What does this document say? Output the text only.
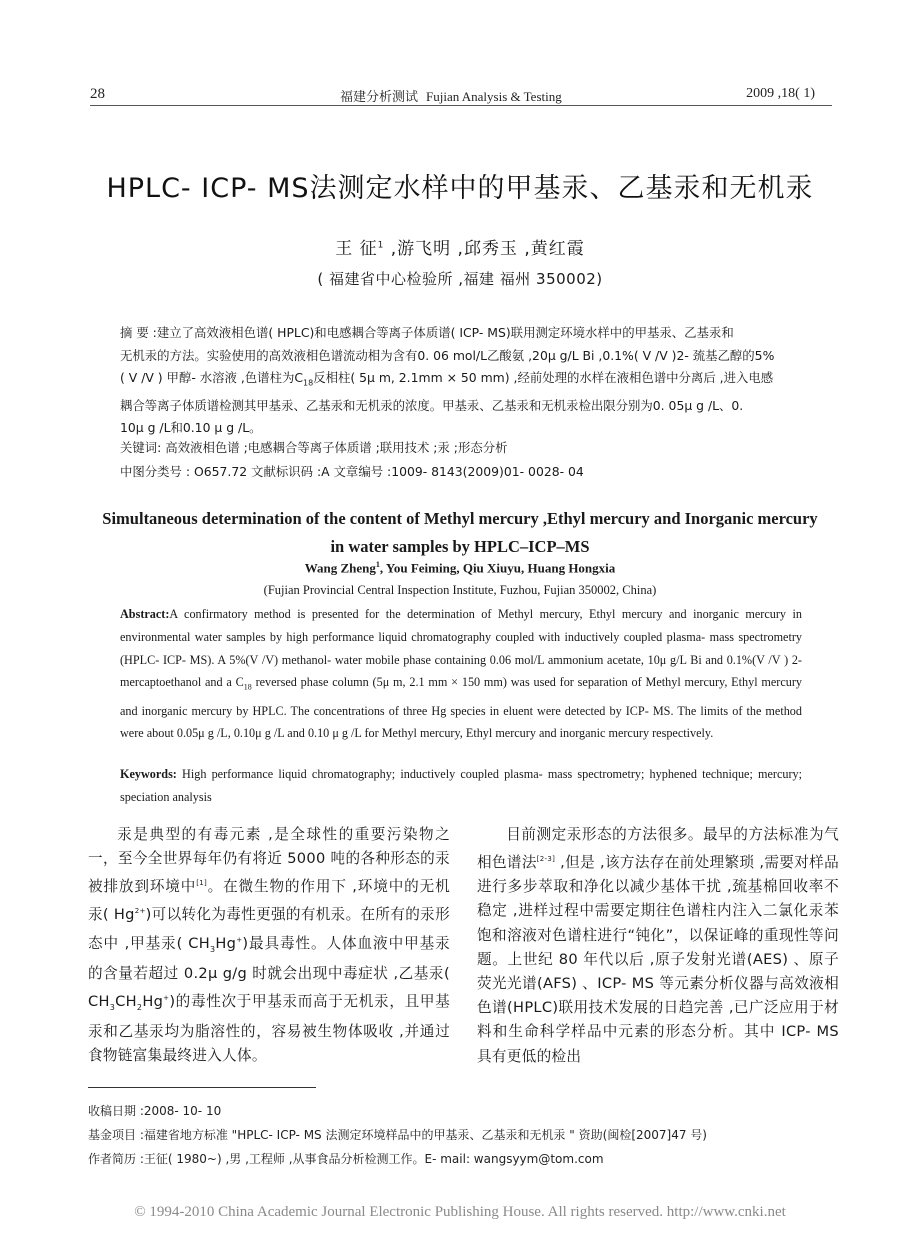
28	福建分析测试 Fujian Analysis & Testing	2009 ,18( 1)
HPLC- ICP- MS法测定水样中的甲基汞、乙基汞和无机汞
王 征$^1$ ,游飞明 ,邱秀玉 ,黄红霞
( 福建省中心检验所 ,福建 福州 350002)
摘 要 :建立了高效液相色谱( HPLC)和电感耦合等离子体质谱( ICP- MS)联用测定环境水样中的甲基汞、乙基汞和
无机汞的方法。实验使用的高效液相色谱流动相为含有0. 06 mol/L乙酸氨 ,20μ g/L Bi ,0.1%( V /V )2- 巯基乙醇的5%
( V /V ) 甲醇- 水溶液 ,色谱柱为$C_{18}$反相柱( 5μ m, 2.1mm × 50 mm) ,经前处理的水样在液相色谱中分离后 ,进入电感
耦合等离子体质谱检测其甲基汞、乙基汞和无机汞的浓度。甲基汞、乙基汞和无机汞检出限分别为0. 05μ g /L、0.
10μ g /L和0.10 μ g /L。
关键词: 高效液相色谱 ;电感耦合等离子体质谱 ;联用技术 ;汞 ;形态分析
中图分类号 : O657.72 文献标识码 :A 文章编号 :1009- 8143(2009)01- 0028- 04
Simultaneous determination of the content of Methyl mercury ,Ethyl mercury and Inorganic mercury in water samples by HPLC–ICP–MS
Wang Zheng$^1$, You Feiming, Qiu Xiuyu, Huang Hongxia
(Fujian Provincial Central Inspection Institute, Fuzhou, Fujian 350002, China)
Abstract:A confirmatory method is presented for the determination of Methyl mercury, Ethyl mercury and inorganic mercury in environmental water samples by high performance liquid chromatography coupled with inductively coupled plasma- mass spectrometry (HPLC- ICP- MS). A 5%(V /V) methanol- water mobile phase containing 0.06 mol/L ammonium acetate, 10μ g/L Bi and 0.1%(V /V ) 2- mercaptoethanol and a $C_{18}$ reversed phase column (5μ m, 2.1 mm × 150 mm) was used for separation of Methyl mercury, Ethyl mercury and inorganic mercury by HPLC. The concentrations of three Hg species in eluent were detected by ICP- MS. The limits of the method were about 0.05μ g /L, 0.10μ g /L and 0.10 μ g /L for Methyl mercury, Ethyl mercury and inorganic mercury respectively.
Keywords: High performance liquid chromatography; inductively coupled plasma- mass spectrometry; hyphened technique; mercury; speciation analysis

汞是典型的有毒元素 ,是全球性的重要污染物之一，至今全世界每年仍有将近 5000 吨的各种形态的汞被排放到环境中[1]。在微生物的作用下 ,环境中的无机汞( $Hg^{2+}$)可以转化为毒性更强的有机汞。在所有的汞形态中 ,甲基汞( $CH_3Hg^+$)最具毒性。人体血液中甲基汞的含量若超过 0.2μ g/g 时就会出现中毒症状 ,乙基汞( $CH_3CH_2Hg^+$)的毒性次于甲基汞而高于无机汞，且甲基汞和乙基汞均为脂溶性的，容易被生物体吸收 ,并通过食物链富集最终进入人体。

目前测定汞形态的方法很多。最早的方法标准为气相色谱法[2-3] ,但是 ,该方法存在前处理繁琐 ,需要对样品进行多步萃取和净化以减少基体干扰 ,巯基棉回收率不稳定 ,进样过程中需要定期往色谱柱内注入二氯化汞苯饱和溶液对色谱柱进行“钝化”，以保证峰的重现性等问题。上世纪 80 年代以后 ,原子发射光谱(AES) 、原子荧光光谱(AFS) 、ICP- MS 等元素分析仪器与高效液相色谱(HPLC)联用技术发展的日趋完善 ,已广泛应用于材料和生命科学样品中元素的形态分析。其中 ICP- MS 具有更低的检出

收稿日期 :2008- 10- 10
基金项目 :福建省地方标准 "HPLC- ICP- MS 法测定环境样品中的甲基汞、乙基汞和无机汞 " 资助(闽检[2007]47 号)
作者简历 :王征( 1980~) ,男 ,工程师 ,从事食品分析检测工作。E- mail: wangsyym@tom.com
© 1994-2010 China Academic Journal Electronic Publishing House. All rights reserved. http://www.cnki.net
